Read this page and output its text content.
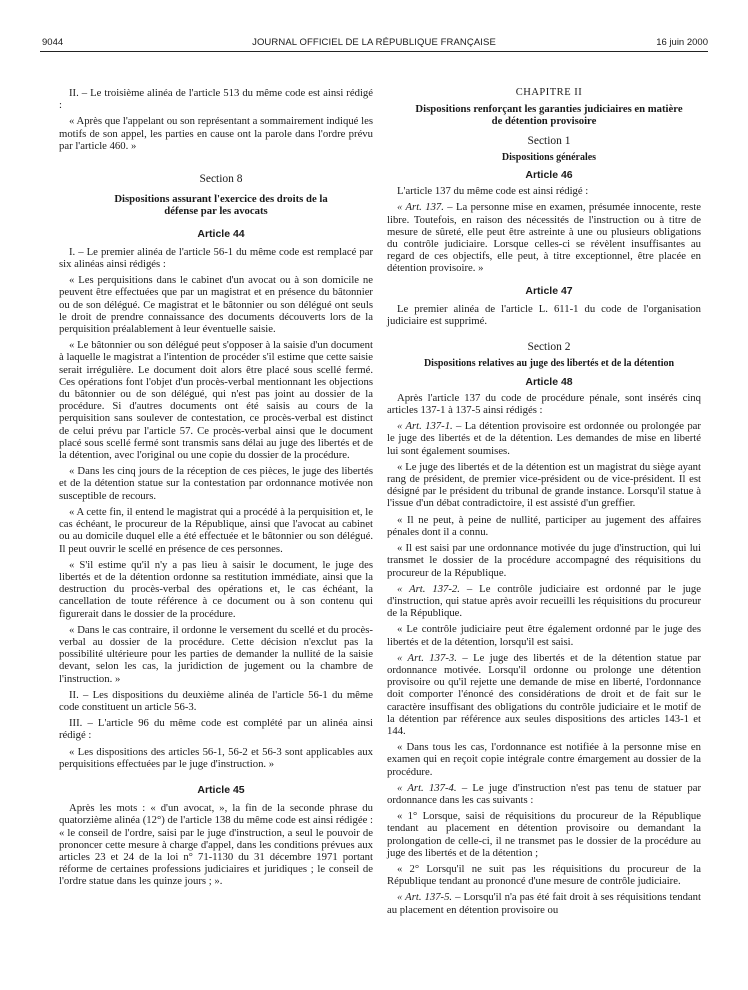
9044	JOURNAL OFFICIEL DE LA RÉPUBLIQUE FRANÇAISE	16 juin 2000

II. – Le troisième alinéa de l'article 513 du même code est ainsi rédigé :

« Après que l'appelant ou son représentant a sommairement indiqué les motifs de son appel, les parties en cause ont la parole dans l'ordre prévu par l'article 460. »

Section 8

Dispositions assurant l'exercice des droits de la défense par les avocats

Article 44

I. – Le premier alinéa de l'article 56-1 du même code est remplacé par six alinéas ainsi rédigés :

« Les perquisitions dans le cabinet d'un avocat ou à son domicile ne peuvent être effectuées que par un magistrat et en présence du bâtonnier ou de son délégué. Ce magistrat et le bâtonnier ou son délégué ont seuls le droit de prendre connaissance des documents découverts lors de la perquisition préalablement à leur éventuelle saisie.

« Le bâtonnier ou son délégué peut s'opposer à la saisie d'un document à laquelle le magistrat a l'intention de procéder s'il estime que cette saisie serait irrégulière. Le document doit alors être placé sous scellé fermé. Ces opérations font l'objet d'un procès-verbal mentionnant les objections du bâtonnier ou de son délégué, qui n'est pas joint au dossier de la procédure. Si d'autres documents ont été saisis au cours de la perquisition sans soulever de contestation, ce procès-verbal est distinct de celui prévu par l'article 57. Ce procès-verbal ainsi que le document placé sous scellé fermé sont transmis sans délai au juge des libertés et de la détention, avec l'original ou une copie du dossier de la procédure.

« Dans les cinq jours de la réception de ces pièces, le juge des libertés et de la détention statue sur la contestation par ordonnance motivée non susceptible de recours.

« A cette fin, il entend le magistrat qui a procédé à la perquisition et, le cas échéant, le procureur de la République, ainsi que l'avocat au cabinet ou au domicile duquel elle a été effectuée et le bâtonnier ou son délégué. Il peut ouvrir le scellé en présence de ces personnes.

« S'il estime qu'il n'y a pas lieu à saisir le document, le juge des libertés et de la détention ordonne sa restitution immédiate, ainsi que la destruction du procès-verbal des opérations et, le cas échéant, la cancellation de toute référence à ce document ou à son contenu qui figurerait dans le dossier de la procédure.

« Dans le cas contraire, il ordonne le versement du scellé et du procès-verbal au dossier de la procédure. Cette décision n'exclut pas la possibilité ultérieure pour les parties de demander la nullité de la saisie devant, selon les cas, la juridiction de jugement ou la chambre de l'instruction. »

II. – Les dispositions du deuxième alinéa de l'article 56-1 du même code constituent un article 56-3.

III. – L'article 96 du même code est complété par un alinéa ainsi rédigé :

« Les dispositions des articles 56-1, 56-2 et 56-3 sont applicables aux perquisitions effectuées par le juge d'instruction. »

Article 45

Après les mots : « d'un avocat, », la fin de la seconde phrase du quatorzième alinéa (12°) de l'article 138 du même code est ainsi rédigée : « le conseil de l'ordre, saisi par le juge d'instruction, a seul le pouvoir de prononcer cette mesure à charge d'appel, dans les conditions prévues aux articles 23 et 24 de la loi n° 71-1130 du 31 décembre 1971 portant réforme de certaines professions judiciaires et juridiques ; le conseil de l'ordre statue dans les quinze jours ; ».

CHAPITRE II

Dispositions renforçant les garanties judiciaires en matière de détention provisoire

Section 1

Dispositions générales

Article 46

L'article 137 du même code est ainsi rédigé :

« Art. 137. – La personne mise en examen, présumée innocente, reste libre. Toutefois, en raison des nécessités de l'instruction ou à titre de mesure de sûreté, elle peut être astreinte à une ou plusieurs obligations du contrôle judiciaire. Lorsque celles-ci se révèlent insuffisantes au regard de ces objectifs, elle peut, à titre exceptionnel, être placée en détention provisoire. »

Article 47

Le premier alinéa de l'article L. 611-1 du code de l'organisation judiciaire est supprimé.

Section 2

Dispositions relatives au juge des libertés et de la détention

Article 48

Après l'article 137 du code de procédure pénale, sont insérés cinq articles 137-1 à 137-5 ainsi rédigés :

« Art. 137-1. – La détention provisoire est ordonnée ou prolongée par le juge des libertés et de la détention. Les demandes de mise en liberté lui sont également soumises.

« Le juge des libertés et de la détention est un magistrat du siège ayant rang de président, de premier vice-président ou de vice-président. Il est désigné par le président du tribunal de grande instance. Lorsqu'il statue à l'issue d'un débat contradictoire, il est assisté d'un greffier.

« Il ne peut, à peine de nullité, participer au jugement des affaires pénales dont il a connu.

« Il est saisi par une ordonnance motivée du juge d'instruction, qui lui transmet le dossier de la procédure accompagné des réquisitions du procureur de la République.

« Art. 137-2. – Le contrôle judiciaire est ordonné par le juge d'instruction, qui statue après avoir recueilli les réquisitions du procureur de la République.

« Le contrôle judiciaire peut être également ordonné par le juge des libertés et de la détention, lorsqu'il est saisi.

« Art. 137-3. – Le juge des libertés et de la détention statue par ordonnance motivée. Lorsqu'il ordonne ou prolonge une détention provisoire ou qu'il rejette une demande de mise en liberté, l'ordonnance doit comporter l'énoncé des considérations de droit et de fait sur le caractère insuffisant des obligations du contrôle judiciaire et le motif de la détention par référence aux seules dispositions des articles 143-1 et 144.

« Dans tous les cas, l'ordonnance est notifiée à la personne mise en examen qui en reçoit copie intégrale contre émargement au dossier de la procédure.

« Art. 137-4. – Le juge d'instruction n'est pas tenu de statuer par ordonnance dans les cas suivants :

« 1° Lorsque, saisi de réquisitions du procureur de la République tendant au placement en détention provisoire ou demandant la prolongation de celle-ci, il ne transmet pas le dossier de la procédure au juge des libertés et de la détention ;

« 2° Lorsqu'il ne suit pas les réquisitions du procureur de la République tendant au prononcé d'une mesure de contrôle judiciaire.

« Art. 137-5. – Lorsqu'il n'a pas été fait droit à ses réquisitions tendant au placement en détention provisoire ou
